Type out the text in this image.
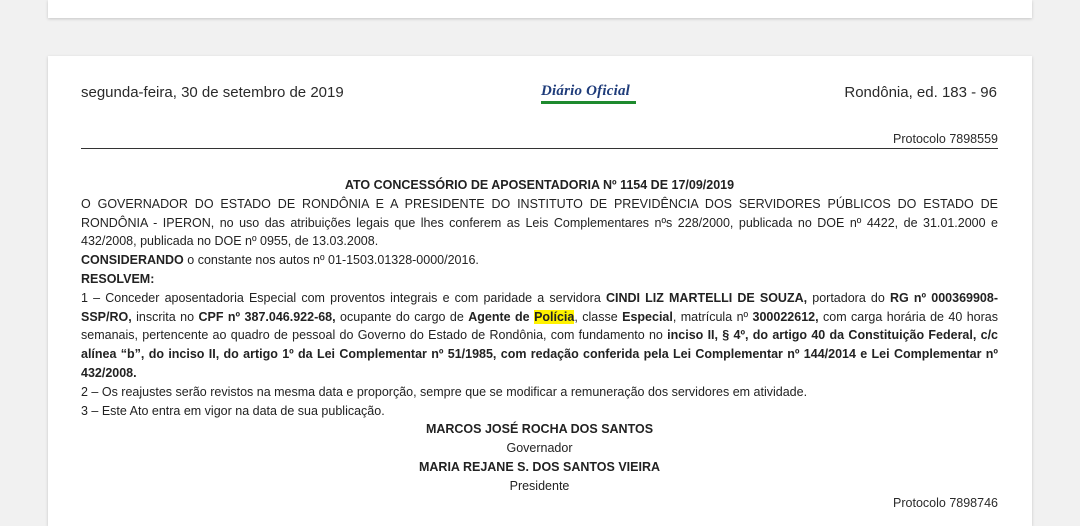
segunda-feira, 30 de setembro de 2019	Diário Oficial	Rondônia, ed. 183 - 96
Protocolo 7898559
ATO CONCESSÓRIO DE APOSENTADORIA Nº 1154 DE 17/09/2019
O GOVERNADOR DO ESTADO DE RONDÔNIA E A PRESIDENTE DO INSTITUTO DE PREVIDÊNCIA DOS SERVIDORES PÚBLICOS DO ESTADO DE RONDÔNIA - IPERON, no uso das atribuições legais que lhes conferem as Leis Complementares nºs 228/2000, publicada no DOE nº 4422, de 31.01.2000 e 432/2008, publicada no DOE nº 0955, de 13.03.2008.
CONSIDERANDO o constante nos autos nº 01-1503.01328-0000/2016.
RESOLVEM:
1 – Conceder aposentadoria Especial com proventos integrais e com paridade a servidora CINDI LIZ MARTELLI DE SOUZA, portadora do RG nº 000369908-SSP/RO, inscrita no CPF nº 387.046.922-68, ocupante do cargo de Agente de Polícia, classe Especial, matrícula nº 300022612, com carga horária de 40 horas semanais, pertencente ao quadro de pessoal do Governo do Estado de Rondônia, com fundamento no inciso II, § 4º, do artigo 40 da Constituição Federal, c/c alínea “b”, do inciso II, do artigo 1º da Lei Complementar nº 51/1985, com redação conferida pela Lei Complementar nº 144/2014 e Lei Complementar nº 432/2008.
2 – Os reajustes serão revistos na mesma data e proporção, sempre que se modificar a remuneração dos servidores em atividade.
3 – Este Ato entra em vigor na data de sua publicação.
MARCOS JOSÉ ROCHA DOS SANTOS
Governador
MARIA REJANE S. DOS SANTOS VIEIRA
Presidente
Protocolo 7898746
